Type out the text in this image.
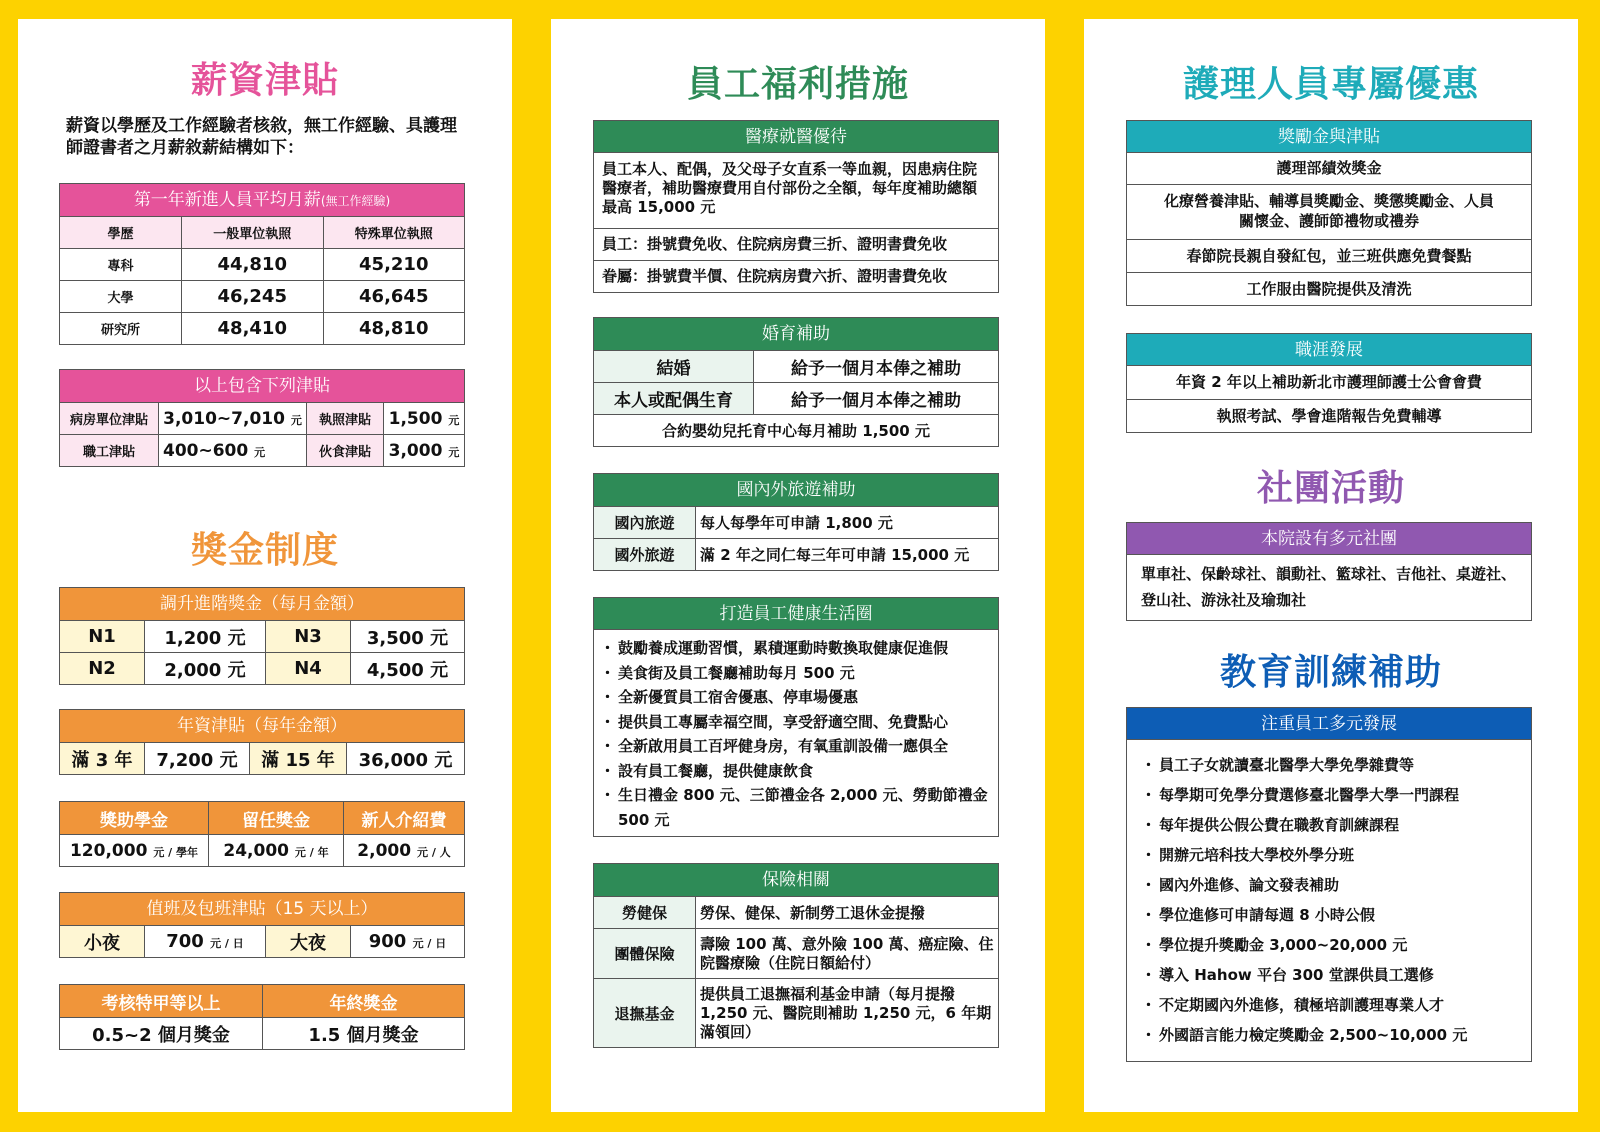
薪資津貼
薪資以學歷及工作經驗者核敘，無工作經驗、具護理師證書者之月薪敘薪結構如下：
第一年新進人員平均月薪(無工作經驗)
學歷	一般單位執照	特殊單位執照
專科	44,810	45,210
大學	46,245	46,645
研究所	48,410	48,810
以上包含下列津貼
病房單位津貼	3,010~7,010 元	執照津貼	1,500 元
職工津貼	400~600 元	伙食津貼	3,000 元
獎金制度
調升進階獎金（每月金額）
N1	1,200 元	N3	3,500 元
N2	2,000 元	N4	4,500 元
年資津貼（每年金額）
滿 3 年	7,200 元	滿 15 年	36,000 元
獎助學金	留任獎金	新人介紹費
120,000 元 / 學年	24,000 元 / 年	2,000 元 / 人
值班及包班津貼（15 天以上）
小夜	700 元 / 日	大夜	900 元 / 日
考核特甲等以上	年終獎金
0.5~2 個月獎金	1.5 個月獎金
員工福利措施
醫療就醫優待
員工本人、配偶，及父母子女直系一等血親，因患病住院醫療者，補助醫療費用自付部份之全額，每年度補助總額最高 15,000 元
員工：掛號費免收、住院病房費三折、證明書費免收
眷屬：掛號費半價、住院病房費六折、證明書費免收
婚育補助
結婚	給予一個月本俸之補助
本人或配偶生育	給予一個月本俸之補助
合約嬰幼兒托育中心每月補助 1,500 元	
國內外旅遊補助
國內旅遊	每人每學年可申請 1,800 元
國外旅遊	滿 2 年之同仁每三年可申請 15,000 元
打造員工健康生活圈
・ 鼓勵養成運動習慣，累積運動時數換取健康促進假
・ 美食街及員工餐廳補助每月 500 元
・ 全新優質員工宿舍優惠、停車場優惠
・ 提供員工專屬幸福空間，享受舒適空間、免費點心
・ 全新啟用員工百坪健身房，有氧重訓設備一應俱全
・ 設有員工餐廳，提供健康飲食
・ 生日禮金 800 元、三節禮金各 2,000 元、勞動節禮金 500 元
保險相關
勞健保	勞保、健保、新制勞工退休金提撥
團體保險	壽險 100 萬、意外險 100 萬、癌症險、住院醫療險（住院日額給付）
退撫基金	提供員工退撫福利基金申請（每月提撥 1,250 元、醫院則補助 1,250 元，6 年期滿領回）
護理人員專屬優惠
獎勵金與津貼
護理部績效獎金
化療營養津貼、輔導員獎勵金、獎懲獎勵金、人員關懷金、護師節禮物或禮券
春節院長親自發紅包，並三班供應免費餐點
工作服由醫院提供及清洗
職涯發展
年資 2 年以上補助新北市護理師護士公會會費
執照考試、學會進階報告免費輔導
社團活動
本院設有多元社團
單車社、保齡球社、韻動社、籃球社、吉他社、桌遊社、登山社、游泳社及瑜珈社
教育訓練補助
注重員工多元發展
・ 員工子女就讀臺北醫學大學免學雜費等
・ 每學期可免學分費選修臺北醫學大學一門課程
・ 每年提供公假公費在職教育訓練課程
・ 開辦元培科技大學校外學分班
・ 國內外進修、論文發表補助
・ 學位進修可申請每週 8 小時公假
・ 學位提升獎勵金 3,000~20,000 元
・ 導入 Hahow 平台 300 堂課供員工選修
・ 不定期國內外進修，積極培訓護理專業人才
・ 外國語言能力檢定獎勵金 2,500~10,000 元
